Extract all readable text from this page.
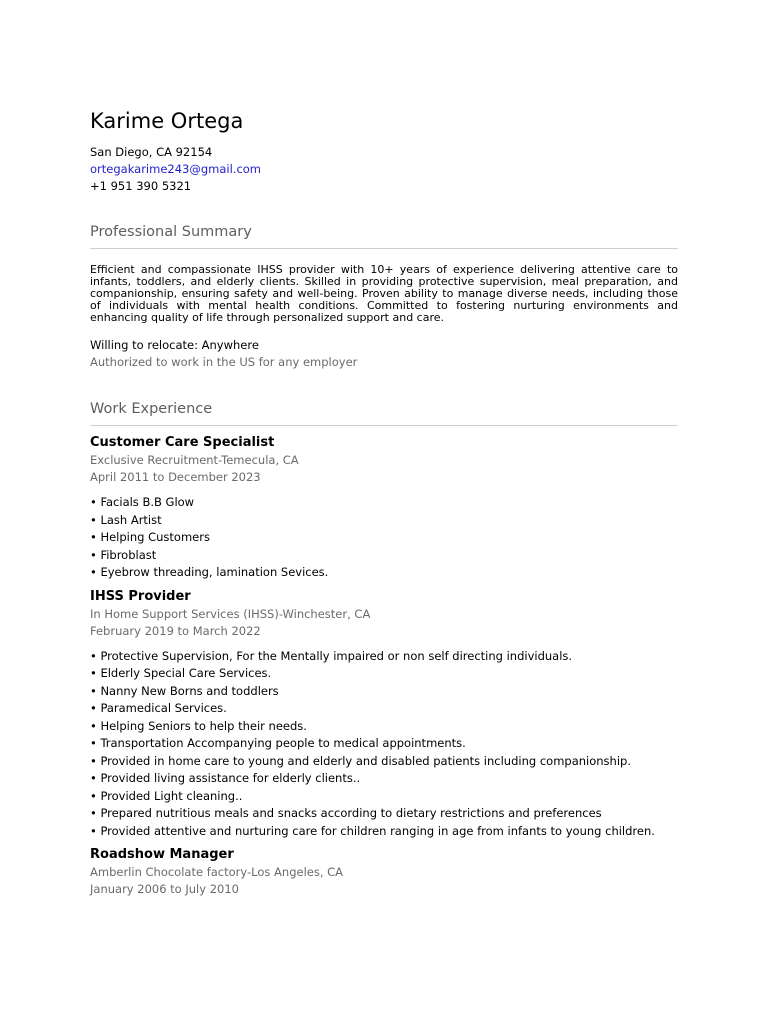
Karime Ortega
San Diego, CA 92154
ortegakarime243@gmail.com
+1 951 390 5321
Professional Summary
Efficient and compassionate IHSS provider with 10+ years of experience delivering attentive care to infants, toddlers, and elderly clients. Skilled in providing protective supervision, meal preparation, and companionship, ensuring safety and well-being. Proven ability to manage diverse needs, including those of individuals with mental health conditions. Committed to fostering nurturing environments and enhancing quality of life through personalized support and care.
Willing to relocate: Anywhere
Authorized to work in the US for any employer
Work Experience
Customer Care Specialist
Exclusive Recruitment-Temecula, CA
April 2011 to December 2023
• Facials B.B Glow
• Lash Artist
• Helping Customers
• Fibroblast
• Eyebrow threading, lamination Sevices.
IHSS Provider
In Home Support Services (IHSS)-Winchester, CA
February 2019 to March 2022
• Protective Supervision, For the Mentally impaired or non self directing individuals.
• Elderly Special Care Services.
• Nanny New Borns and toddlers
• Paramedical Services.
• Helping Seniors to help their needs.
• Transportation Accompanying people to medical appointments.
• Provided in home care to young and elderly and disabled patients including companionship.
• Provided living assistance for elderly clients..
• Provided Light cleaning..
• Prepared nutritious meals and snacks according to dietary restrictions and preferences
• Provided attentive and nurturing care for children ranging in age from infants to young children.
Roadshow Manager
Amberlin Chocolate factory-Los Angeles, CA
January 2006 to July 2010
